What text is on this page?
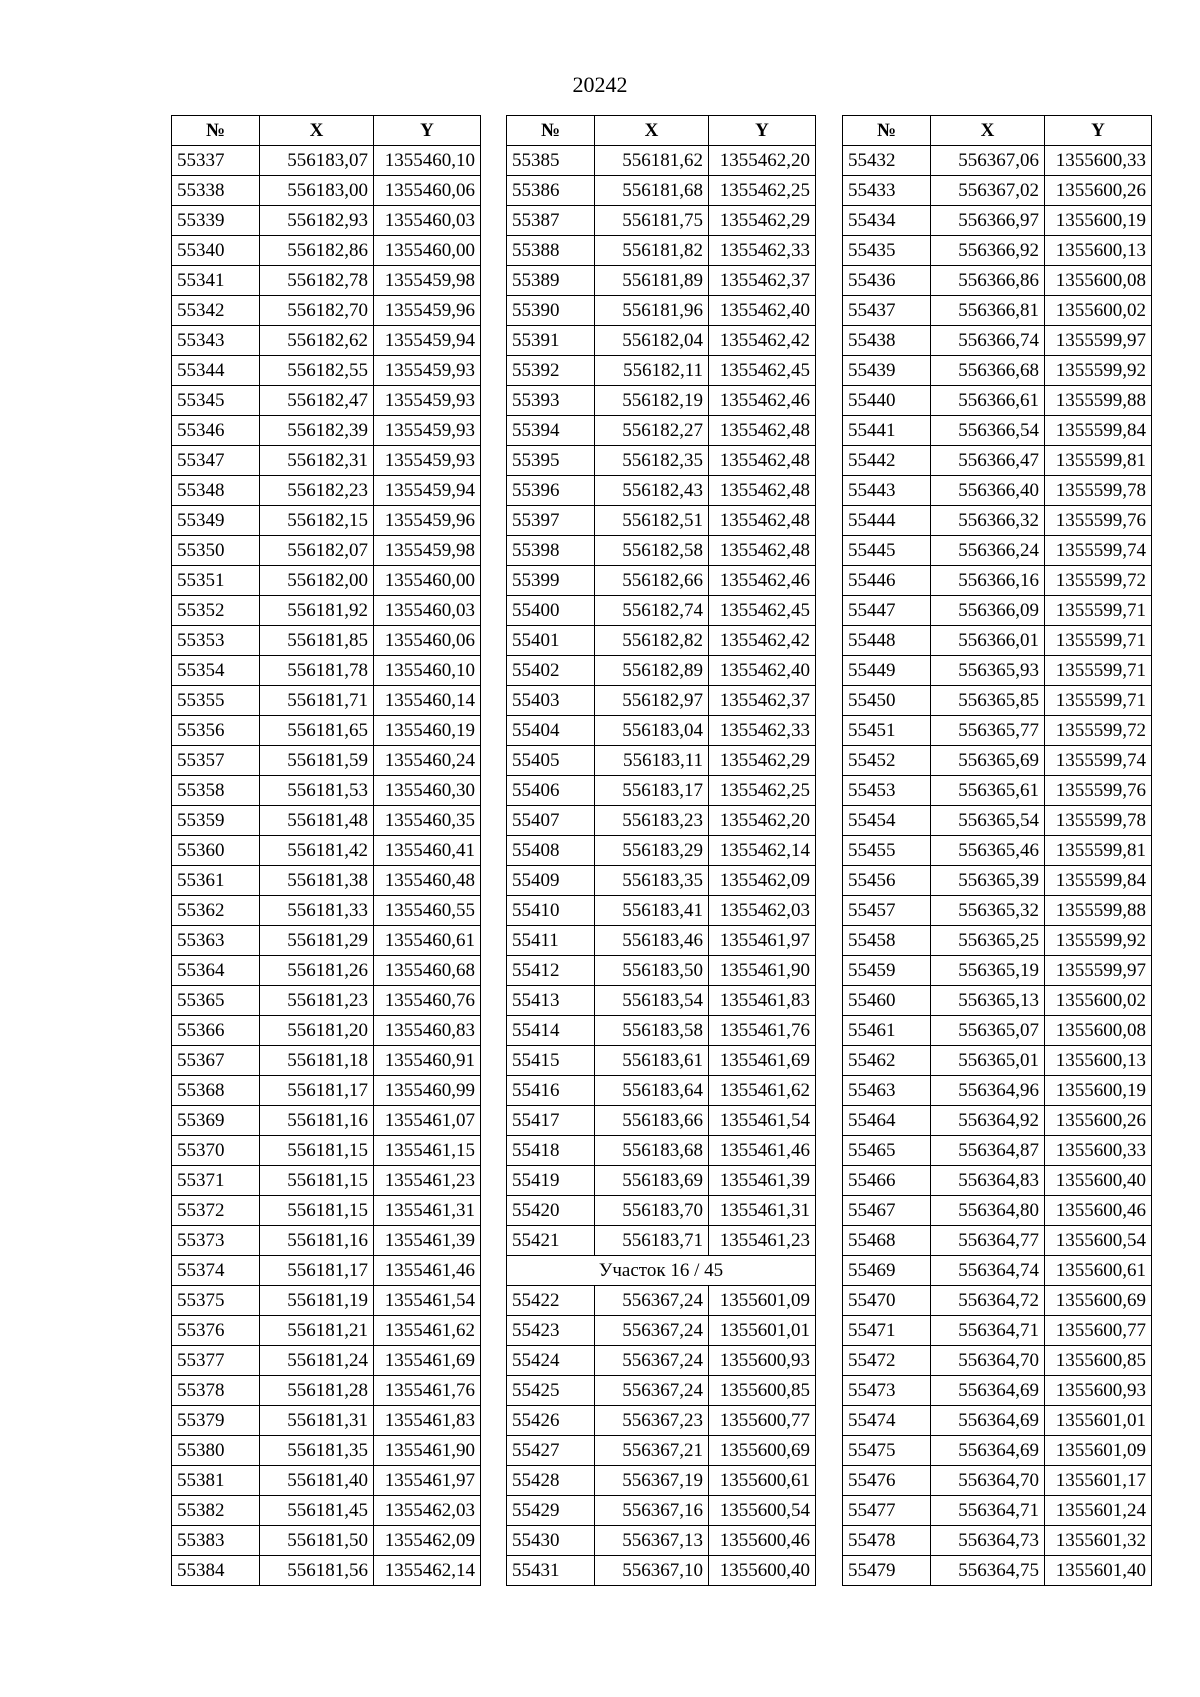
20242
№	X	Y
55337	556183,07	1355460,10
55338	556183,00	1355460,06
55339	556182,93	1355460,03
55340	556182,86	1355460,00
55341	556182,78	1355459,98
55342	556182,70	1355459,96
55343	556182,62	1355459,94
55344	556182,55	1355459,93
55345	556182,47	1355459,93
55346	556182,39	1355459,93
55347	556182,31	1355459,93
55348	556182,23	1355459,94
55349	556182,15	1355459,96
55350	556182,07	1355459,98
55351	556182,00	1355460,00
55352	556181,92	1355460,03
55353	556181,85	1355460,06
55354	556181,78	1355460,10
55355	556181,71	1355460,14
55356	556181,65	1355460,19
55357	556181,59	1355460,24
55358	556181,53	1355460,30
55359	556181,48	1355460,35
55360	556181,42	1355460,41
55361	556181,38	1355460,48
55362	556181,33	1355460,55
55363	556181,29	1355460,61
55364	556181,26	1355460,68
55365	556181,23	1355460,76
55366	556181,20	1355460,83
55367	556181,18	1355460,91
55368	556181,17	1355460,99
55369	556181,16	1355461,07
55370	556181,15	1355461,15
55371	556181,15	1355461,23
55372	556181,15	1355461,31
55373	556181,16	1355461,39
55374	556181,17	1355461,46
55375	556181,19	1355461,54
55376	556181,21	1355461,62
55377	556181,24	1355461,69
55378	556181,28	1355461,76
55379	556181,31	1355461,83
55380	556181,35	1355461,90
55381	556181,40	1355461,97
55382	556181,45	1355462,03
55383	556181,50	1355462,09
55384	556181,56	1355462,14
№	X	Y
55385	556181,62	1355462,20
55386	556181,68	1355462,25
55387	556181,75	1355462,29
55388	556181,82	1355462,33
55389	556181,89	1355462,37
55390	556181,96	1355462,40
55391	556182,04	1355462,42
55392	556182,11	1355462,45
55393	556182,19	1355462,46
55394	556182,27	1355462,48
55395	556182,35	1355462,48
55396	556182,43	1355462,48
55397	556182,51	1355462,48
55398	556182,58	1355462,48
55399	556182,66	1355462,46
55400	556182,74	1355462,45
55401	556182,82	1355462,42
55402	556182,89	1355462,40
55403	556182,97	1355462,37
55404	556183,04	1355462,33
55405	556183,11	1355462,29
55406	556183,17	1355462,25
55407	556183,23	1355462,20
55408	556183,29	1355462,14
55409	556183,35	1355462,09
55410	556183,41	1355462,03
55411	556183,46	1355461,97
55412	556183,50	1355461,90
55413	556183,54	1355461,83
55414	556183,58	1355461,76
55415	556183,61	1355461,69
55416	556183,64	1355461,62
55417	556183,66	1355461,54
55418	556183,68	1355461,46
55419	556183,69	1355461,39
55420	556183,70	1355461,31
55421	556183,71	1355461,23
Участок 16 / 45		
55422	556367,24	1355601,09
55423	556367,24	1355601,01
55424	556367,24	1355600,93
55425	556367,24	1355600,85
55426	556367,23	1355600,77
55427	556367,21	1355600,69
55428	556367,19	1355600,61
55429	556367,16	1355600,54
55430	556367,13	1355600,46
55431	556367,10	1355600,40
№	X	Y
55432	556367,06	1355600,33
55433	556367,02	1355600,26
55434	556366,97	1355600,19
55435	556366,92	1355600,13
55436	556366,86	1355600,08
55437	556366,81	1355600,02
55438	556366,74	1355599,97
55439	556366,68	1355599,92
55440	556366,61	1355599,88
55441	556366,54	1355599,84
55442	556366,47	1355599,81
55443	556366,40	1355599,78
55444	556366,32	1355599,76
55445	556366,24	1355599,74
55446	556366,16	1355599,72
55447	556366,09	1355599,71
55448	556366,01	1355599,71
55449	556365,93	1355599,71
55450	556365,85	1355599,71
55451	556365,77	1355599,72
55452	556365,69	1355599,74
55453	556365,61	1355599,76
55454	556365,54	1355599,78
55455	556365,46	1355599,81
55456	556365,39	1355599,84
55457	556365,32	1355599,88
55458	556365,25	1355599,92
55459	556365,19	1355599,97
55460	556365,13	1355600,02
55461	556365,07	1355600,08
55462	556365,01	1355600,13
55463	556364,96	1355600,19
55464	556364,92	1355600,26
55465	556364,87	1355600,33
55466	556364,83	1355600,40
55467	556364,80	1355600,46
55468	556364,77	1355600,54
55469	556364,74	1355600,61
55470	556364,72	1355600,69
55471	556364,71	1355600,77
55472	556364,70	1355600,85
55473	556364,69	1355600,93
55474	556364,69	1355601,01
55475	556364,69	1355601,09
55476	556364,70	1355601,17
55477	556364,71	1355601,24
55478	556364,73	1355601,32
55479	556364,75	1355601,40
